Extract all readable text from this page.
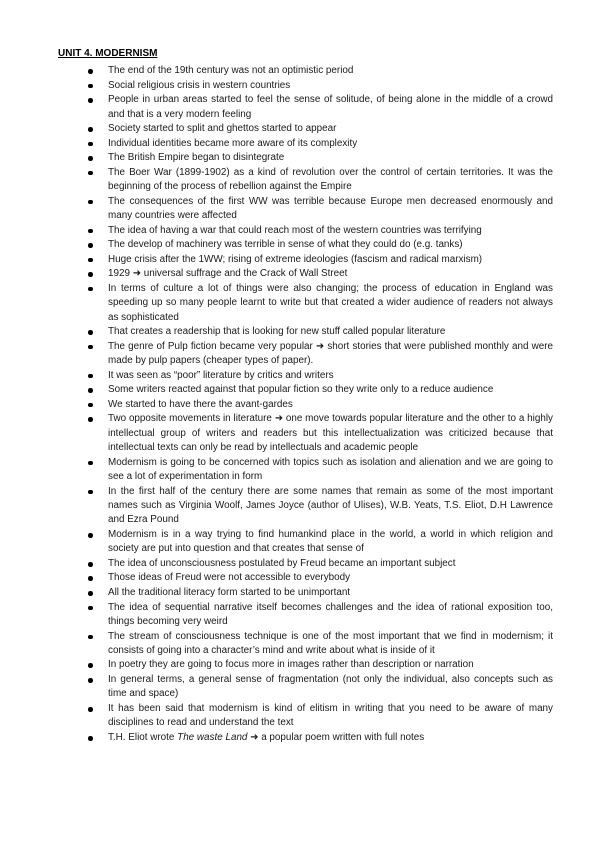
UNIT 4. MODERNISM
The end of the 19th century was not an optimistic period
Social religious crisis in western countries
People in urban areas started to feel the sense of solitude, of being alone in the middle of a crowd and that is a very modern feeling
Society started to split and ghettos started to appear
Individual identities became more aware of its complexity
The British Empire began to disintegrate
The Boer War (1899-1902) as a kind of revolution over the control of certain territories. It was the beginning of the process of rebellion against the Empire
The consequences of the first WW was terrible because Europe men decreased enormously and many countries were affected
The idea of having a war that could reach most of the western countries was terrifying
The develop of machinery was terrible in sense of what they could do (e.g. tanks)
Huge crisis after the 1WW; rising of extreme ideologies (fascism and radical marxism)
1929 ➜ universal suffrage and the Crack of Wall Street
In terms of culture a lot of things were also changing; the process of education in England was speeding up so many people learnt to write but that created a wider audience of readers not always as sophisticated
That creates a readership that is looking for new stuff called popular literature
The genre of Pulp fiction became very popular ➜ short stories that were published monthly and were made by pulp papers (cheaper types of paper).
It was seen as “poor” literature by critics and writers
Some writers reacted against that popular fiction so they write only to a reduce audience
We started to have there the avant-gardes
Two opposite movements in literature ➜ one move towards popular literature and the other to a highly intellectual group of writers and readers but this intellectualization was criticized because that intellectual texts can only be read by intellectuals and academic people
Modernism is going to be concerned with topics such as isolation and alienation and we are going to see a lot of experimentation in form
In the first half of the century there are some names that remain as some of the most important names such as Virginia Woolf, James Joyce (author of Ulises), W.B. Yeats, T.S. Eliot, D.H Lawrence and Ezra Pound
Modernism is in a way trying to find humankind place in the world, a world in which religion and society are put into question and that creates that sense of
The idea of unconsciousness postulated by Freud became an important subject
Those ideas of Freud were not accessible to everybody
All the traditional literacy form started to be unimportant
The idea of sequential narrative itself becomes challenges and the idea of rational exposition too, things becoming very weird
The stream of consciousness technique is one of the most important that we find in modernism; it consists of going into a character’s mind and write about what is inside of it
In poetry they are going to focus more in images rather than description or narration
In general terms, a general sense of fragmentation (not only the individual, also concepts such as time and space)
It has been said that modernism is kind of elitism in writing that you need to be aware of many disciplines to read and understand the text
T.H. Eliot wrote The waste Land ➜ a popular poem written with full notes
